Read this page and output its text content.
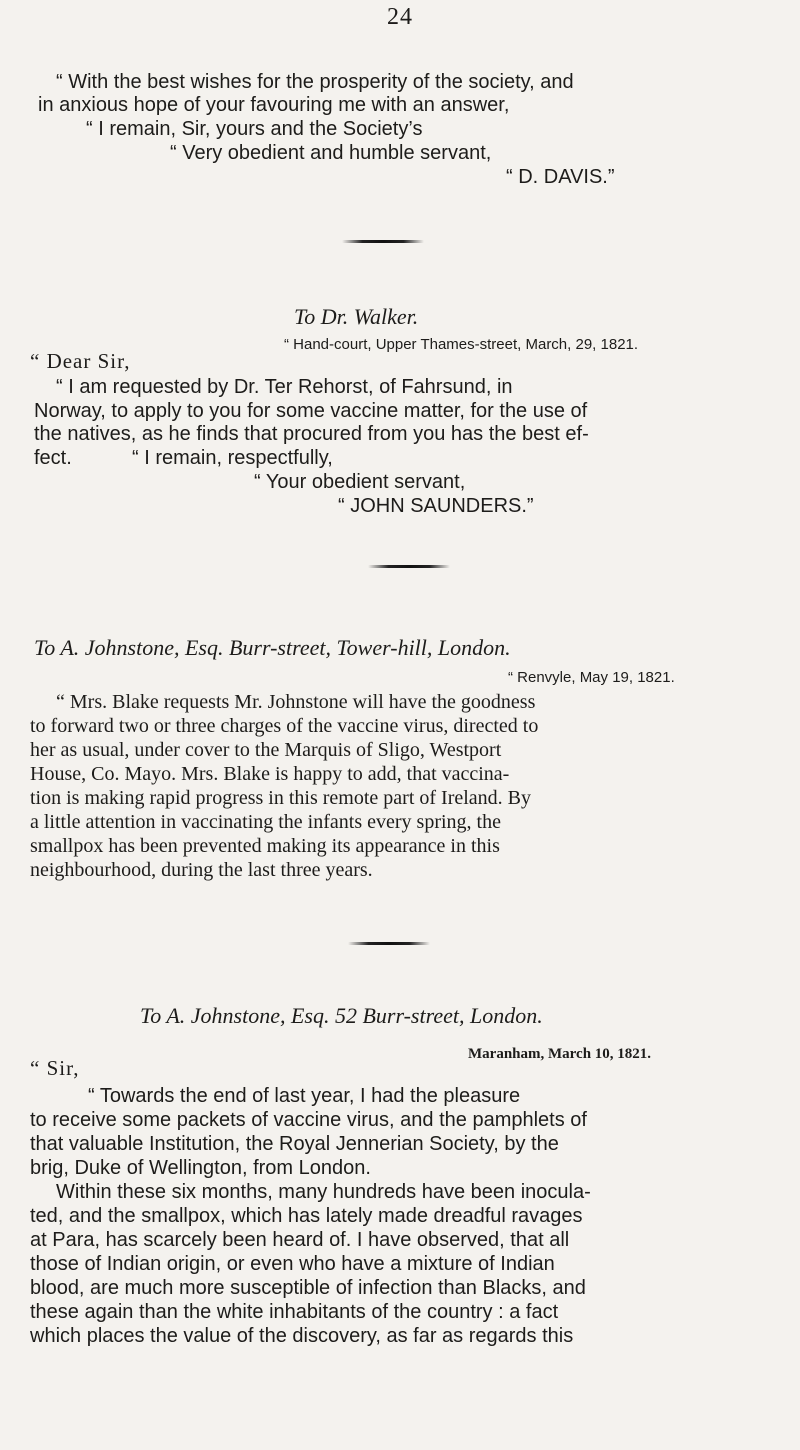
24
“ With the best wishes for the prosperity of the society, and
in anxious hope of your favouring me with an answer,
“ I remain, Sir, yours and the Society’s
“ Very obedient and humble servant,
“ D. DAVIS.”
To Dr. Walker.
“ Hand-court, Upper Thames-street, March, 29, 1821.
“ Dear Sir,
“ I am requested by Dr. Ter Rehorst, of Fahrsund, in
Norway, to apply to you for some vaccine matter, for the use of
the natives, as he finds that procured from you has the best ef-
fect.	“ I remain, respectfully,
“ Your obedient servant,
“ JOHN SAUNDERS.”
To A. Johnstone, Esq. Burr-street, Tower-hill, London.
“ Renvyle, May 19, 1821.
“ Mrs. Blake requests Mr. Johnstone will have the goodness
to forward two or three charges of the vaccine virus, directed to
her as usual, under cover to the Marquis of Sligo, Westport
House, Co. Mayo. Mrs. Blake is happy to add, that vaccina-
tion is making rapid progress in this remote part of Ireland. By
a little attention in vaccinating the infants every spring, the
smallpox has been prevented making its appearance in this
neighbourhood, during the last three years.
To A. Johnstone, Esq. 52 Burr-street, London.
Maranham, March 10, 1821.
“ Sir,
“ Towards the end of last year, I had the pleasure
to receive some packets of vaccine virus, and the pamphlets of
that valuable Institution, the Royal Jennerian Society, by the
brig, Duke of Wellington, from London.
Within these six months, many hundreds have been inocula-
ted, and the smallpox, which has lately made dreadful ravages
at Para, has scarcely been heard of. I have observed, that all
those of Indian origin, or even who have a mixture of Indian
blood, are much more susceptible of infection than Blacks, and
these again than the white inhabitants of the country : a fact
which places the value of the discovery, as far as regards this
